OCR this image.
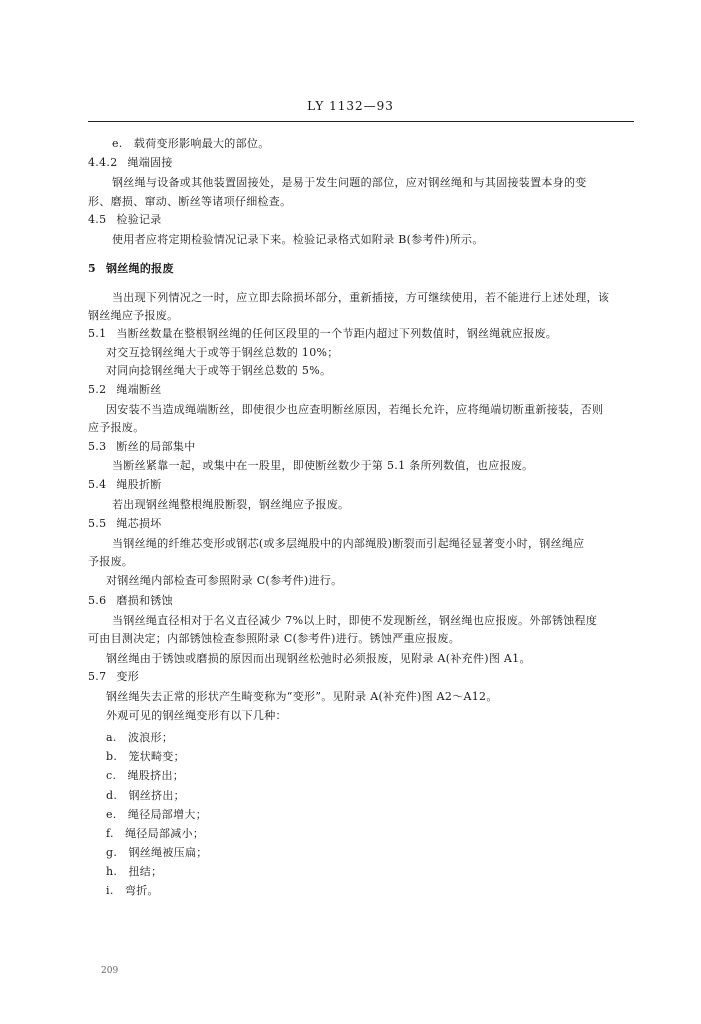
LY 1132—93
e.　载荷变形影响最大的部位。
4.4.2 绳端固接
钢丝绳与设备或其他装置固接处，是易于发生问题的部位，应对钢丝绳和与其固接装置本身的变
形、磨损、窜动、断丝等诸项仔细检查。
4.5 检验记录
使用者应将定期检验情况记录下来。检验记录格式如附录 B(参考件)所示。
5 钢丝绳的报废
当出现下列情况之一时，应立即去除损坏部分，重新插接，方可继续使用，若不能进行上述处理，该
钢丝绳应予报废。
5.1 当断丝数量在整根钢丝绳的任何区段里的一个节距内超过下列数值时，钢丝绳就应报废。
对交互捻钢丝绳大于或等于钢丝总数的 10%；
对同向捻钢丝绳大于或等于钢丝总数的 5%。
5.2 绳端断丝
因安装不当造成绳端断丝，即使很少也应查明断丝原因，若绳长允许，应将绳端切断重新接装，否则
应予报废。
5.3 断丝的局部集中
当断丝紧靠一起，或集中在一股里，即使断丝数少于第 5.1 条所列数值，也应报废。
5.4 绳股折断
若出现钢丝绳整根绳股断裂，钢丝绳应予报废。
5.5 绳芯损坏
当钢丝绳的纤维芯变形或钢芯(或多层绳股中的内部绳股)断裂而引起绳径显著变小时，钢丝绳应
予报废。
对钢丝绳内部检查可参照附录 C(参考件)进行。
5.6 磨损和锈蚀
当钢丝绳直径相对于名义直径减少 7%以上时，即使不发现断丝，钢丝绳也应报废。外部锈蚀程度
可由目测决定；内部锈蚀检查参照附录 C(参考件)进行。锈蚀严重应报废。
钢丝绳由于锈蚀或磨损的原因而出现钢丝松弛时必须报废，见附录 A(补充件)图 A1。
5.7 变形
钢丝绳失去正常的形状产生畸变称为“变形”。见附录 A(补充件)图 A2～A12。
外观可见的钢丝绳变形有以下几种：
a.　波浪形；
b.　笼状畸变；
c.　绳股挤出；
d.　钢丝挤出；
e.　绳径局部增大；
f.　绳径局部减小；
g.　钢丝绳被压扁；
h.　扭结；
i.　弯折。
209
